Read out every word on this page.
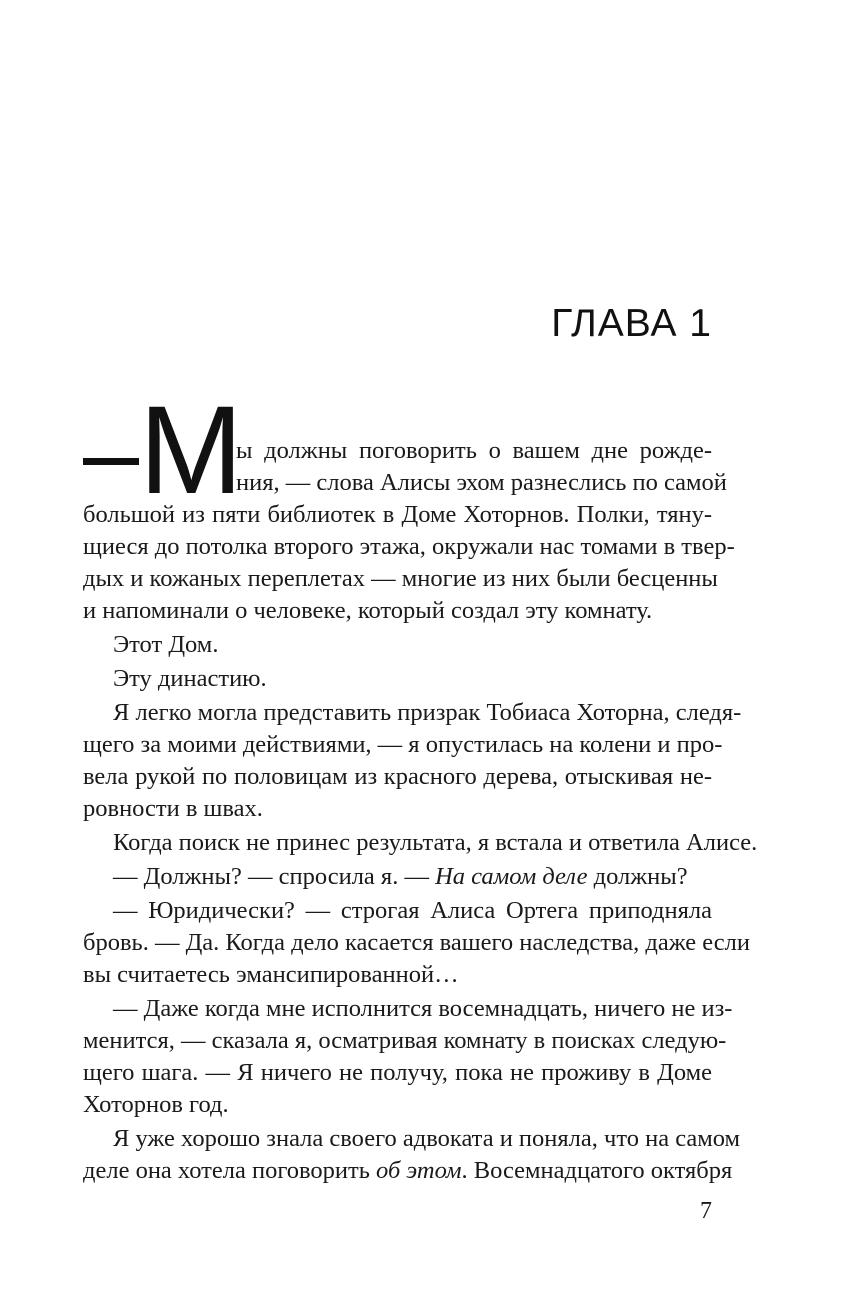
ГЛАВА 1
М

ы должны поговорить о вашем дне рожде-

ния, — слова Алисы эхом разнеслись по самой

большой из пяти библиотек в Доме Хоторнов. Полки, тяну-

щиеся до потолка второго этажа, окружали нас томами в твер-

дых и кожаных переплетах — многие из них были бесценны

и напоминали о человеке, который создал эту комнату.

Этот Дом.

Эту династию.

Я легко могла представить призрак Тобиаса Хоторна, следя-

щего за моими действиями, — я опустилась на колени и про-

вела рукой по половицам из красного дерева, отыскивая не-

ровности в швах.

Когда поиск не принес результата, я встала и ответила Алисе.

— Должны? — спросила я. — На самом деле должны?

— Юридически? — строгая Алиса Ортега приподняла

бровь. — Да. Когда дело касается вашего наследства, даже если

вы считаетесь эмансипированной…

— Даже когда мне исполнится восемнадцать, ничего не из-

менится, — сказала я, осматривая комнату в поисках следую-

щего шага. — Я ничего не получу, пока не проживу в Доме

Хоторнов год.

Я уже хорошо знала своего адвоката и поняла, что на самом

деле она хотела поговорить об этом. Восемнадцатого октября

7
